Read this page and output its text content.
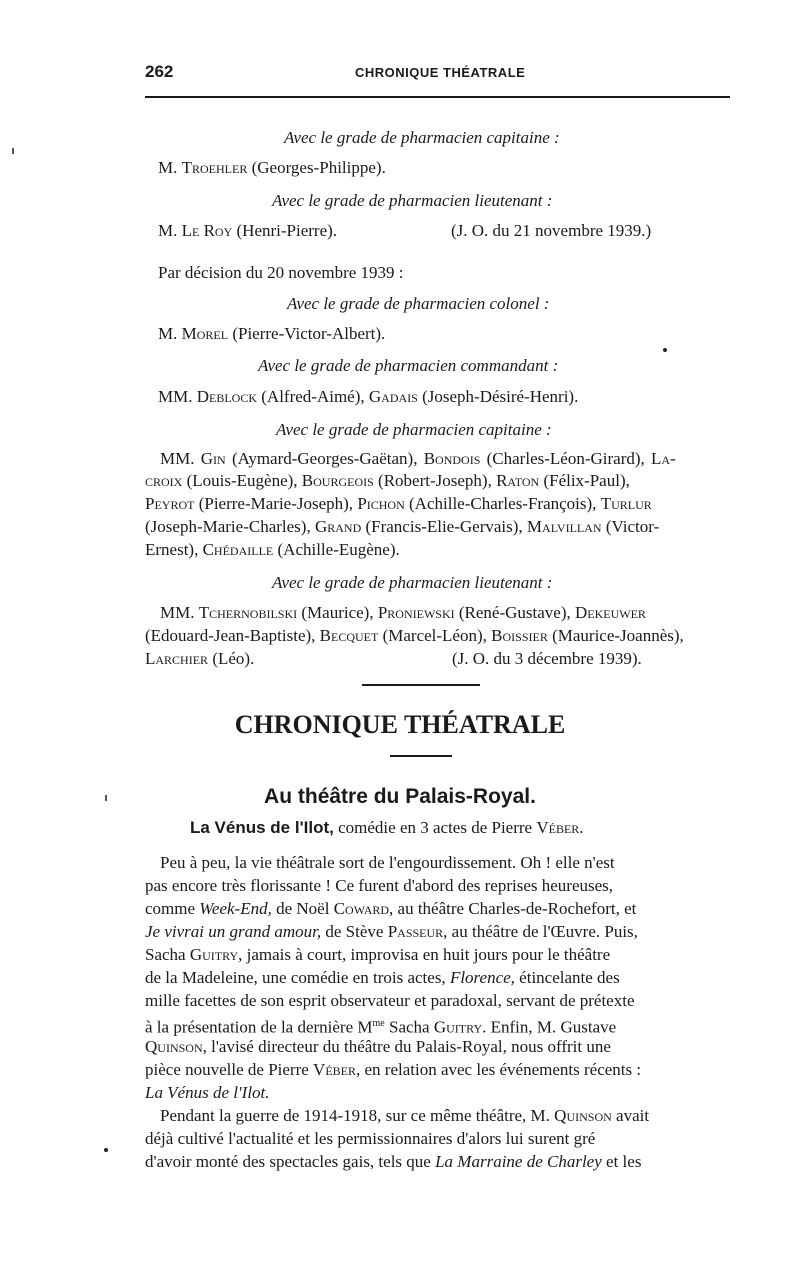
262	CHRONIQUE THÉATRALE
Avec le grade de pharmacien capitaine :
M. Troehler (Georges-Philippe).
Avec le grade de pharmacien lieutenant :
M. Le Roy (Henri-Pierre).	(J. O. du 21 novembre 1939.)
Par décision du 20 novembre 1939 :
Avec le grade de pharmacien colonel :
M. Morel (Pierre-Victor-Albert).
Avec le grade de pharmacien commandant :
MM. Deblock (Alfred-Aimé), Gadais (Joseph-Désiré-Henri).
Avec le grade de pharmacien capitaine :
MM. Gin (Aymard-Georges-Gaëtan), Bondois (Charles-Léon-Girard), La-
croix (Louis-Eugène), Bourgeois (Robert-Joseph), Raton (Félix-Paul),
Peyrot (Pierre-Marie-Joseph), Pichon (Achille-Charles-François), Turlur
(Joseph-Marie-Charles), Grand (Francis-Elie-Gervais), Malvillan (Victor-
Ernest), Chédaille (Achille-Eugène).
Avec le grade de pharmacien lieutenant :
MM. Tchernobilski (Maurice), Proniewski (René-Gustave), Dekeuwer
(Edouard-Jean-Baptiste), Becquet (Marcel-Léon), Boissier (Maurice-Joannès),
Larchier (Léo).	(J. O. du 3 décembre 1939).
CHRONIQUE THÉATRALE
Au théâtre du Palais-Royal.
La Vénus de l'Ilot, comédie en 3 actes de Pierre Véber.
Peu à peu, la vie théâtrale sort de l'engourdissement. Oh ! elle n'est
pas encore très florissante ! Ce furent d'abord des reprises heureuses,
comme Week-End, de Noël Coward, au théâtre Charles-de-Rochefort, et
Je vivrai un grand amour, de Stève Passeur, au théâtre de l'Œuvre. Puis,
Sacha Guitry, jamais à court, improvisa en huit jours pour le théâtre
de la Madeleine, une comédie en trois actes, Florence, étincelante des
mille facettes de son esprit observateur et paradoxal, servant de prétexte
à la présentation de la dernière $M^{me}$ Sacha Guitry. Enfin, M. Gustave
Quinson, l'avisé directeur du théâtre du Palais-Royal, nous offrit une
pièce nouvelle de Pierre Véber, en relation avec les événements récents :
La Vénus de l'Ilot.
Pendant la guerre de 1914-1918, sur ce même théâtre, M. Quinson avait
déjà cultivé l'actualité et les permissionnaires d'alors lui surent gré
d'avoir monté des spectacles gais, tels que La Marraine de Charley et les
